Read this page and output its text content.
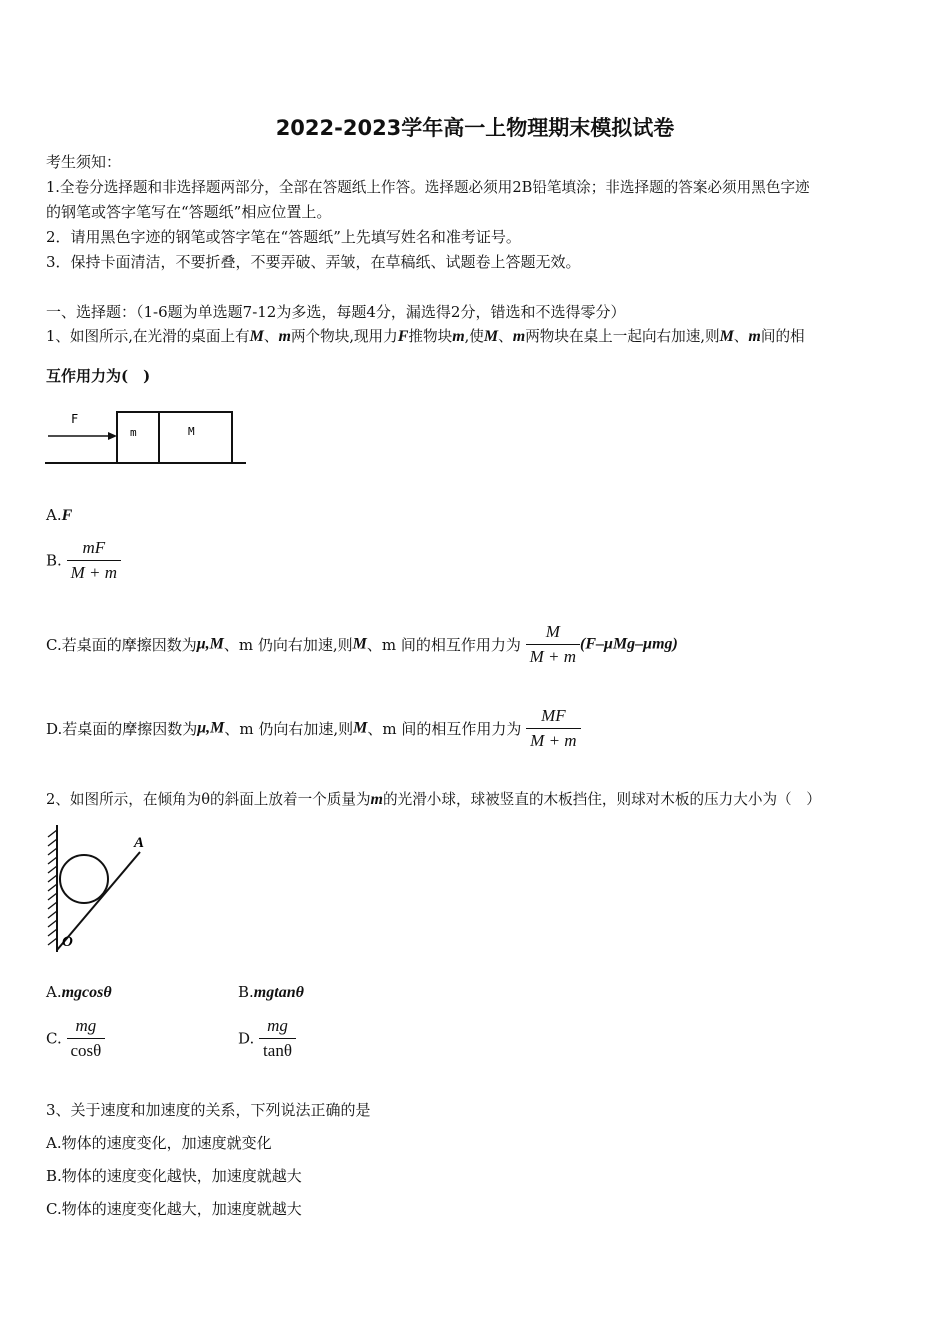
2022-2023学年高一上物理期末模拟试卷
考生须知：
1.全卷分选择题和非选择题两部分，全部在答题纸上作答。选择题必须用2B铅笔填涂；非选择题的答案必须用黑色字迹
的钢笔或答字笔写在“答题纸”相应位置上。
2．请用黑色字迹的钢笔或答字笔在“答题纸”上先填写姓名和准考证号。
3．保持卡面清洁，不要折叠，不要弄破、弄皱，在草稿纸、试题卷上答题无效。
一、选择题：（1-6题为单选题7-12为多选，每题4分，漏选得2分，错选和不选得零分）
1、如图所示,在光滑的桌面上有M、m两个物块,现用力F推物块m,使M、m两物块在桌上一起向右加速,则M、m间的相
互作用力为(　)
F
m	M
A.F
B. $\frac{mF}{M + m}$
C.若桌面的摩擦因数为μ,M、m 仍向右加速,则M、m 间的相互作用力为 $\frac{M}{M + m} (F-\mu Mg-\mu mg)$
D.若桌面的摩擦因数为μ,M、m 仍向右加速,则M、m 间的相互作用力为 $\frac{MF}{M + m}$
2、如图所示，在倾角为θ的斜面上放着一个质量为m的光滑小球，球被竖直的木板挡住，则球对木板的压力大小为（　）
A
O
A.mgcosθ	B.mgtanθ
C. $\frac{mg}{\cos\theta}$	D. $\frac{mg}{\tan\theta}$
3、关于速度和加速度的关系，下列说法正确的是
A.物体的速度变化，加速度就变化
B.物体的速度变化越快，加速度就越大
C.物体的速度变化越大，加速度就越大
